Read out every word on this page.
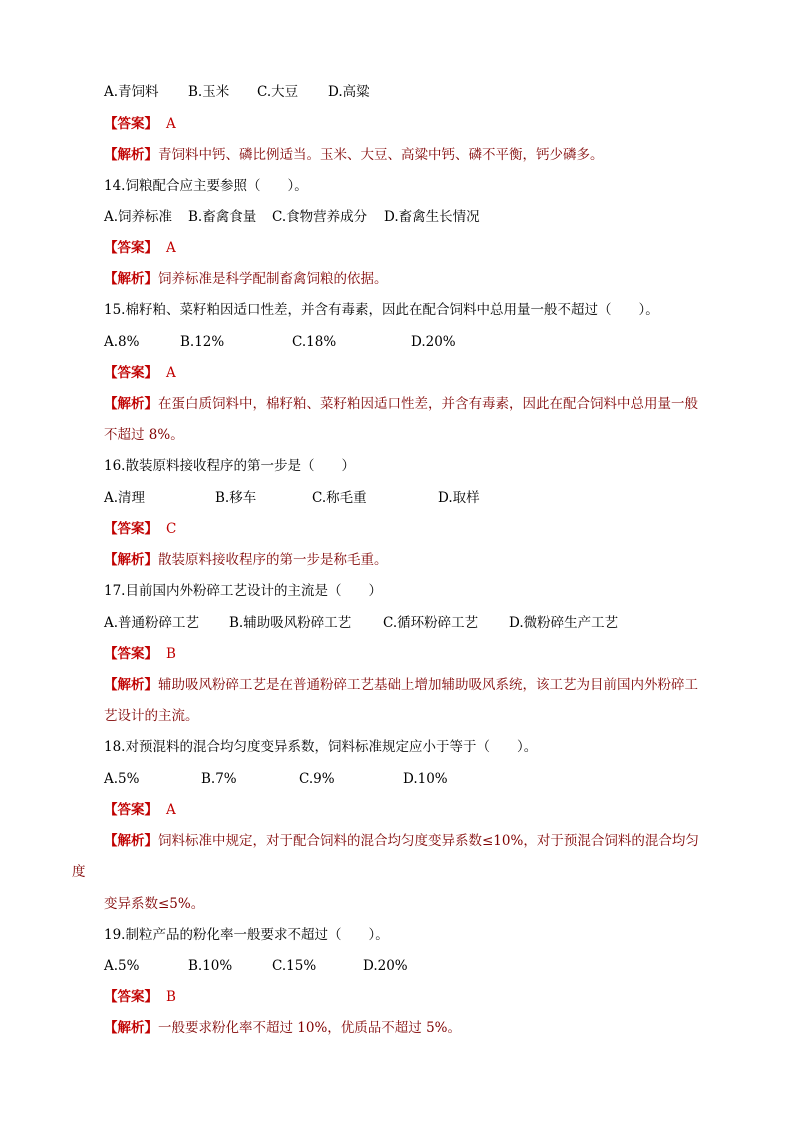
A.青饲料 B.玉米 C.大豆 D.高粱
【答案】 A
【解析】青饲料中钙、磷比例适当。玉米、大豆、高粱中钙、磷不平衡，钙少磷多。
14.饲粮配合应主要参照（　　）。
A.饲养标准 B.畜禽食量 C.食物营养成分 D.畜禽生长情况
【答案】 A
【解析】饲养标准是科学配制畜禽饲粮的依据。
15.棉籽粕、菜籽粕因适口性差，并含有毒素，因此在配合饲料中总用量一般不超过（　　）。
A.8%	B.12%	C.18%	D.20%
【答案】 A
【解析】在蛋白质饲料中，棉籽粕、菜籽粕因适口性差，并含有毒素，因此在配合饲料中总用量一般
不超过 8%。
16.散装原料接收程序的第一步是（　　）
A.清理	B.移车	C.称毛重	D.取样
【答案】 C
【解析】散装原料接收程序的第一步是称毛重。
17.目前国内外粉碎工艺设计的主流是（　　）
A.普通粉碎工艺 B.辅助吸风粉碎工艺 C.循环粉碎工艺 D.微粉碎生产工艺
【答案】 B
【解析】辅助吸风粉碎工艺是在普通粉碎工艺基础上增加辅助吸风系统，该工艺为目前国内外粉碎工
艺设计的主流。
18.对预混料的混合均匀度变异系数，饲料标准规定应小于等于（　　）。
A.5%	B.7%	C.9%	D.10%
【答案】 A
【解析】饲料标准中规定，对于配合饲料的混合均匀度变异系数≤10%，对于预混合饲料的混合均匀
度
变异系数≤5%。
19.制粒产品的粉化率一般要求不超过（　　）。
A.5%	B.10%	C.15%	D.20%
【答案】 B
【解析】一般要求粉化率不超过 10%，优质品不超过 5%。
